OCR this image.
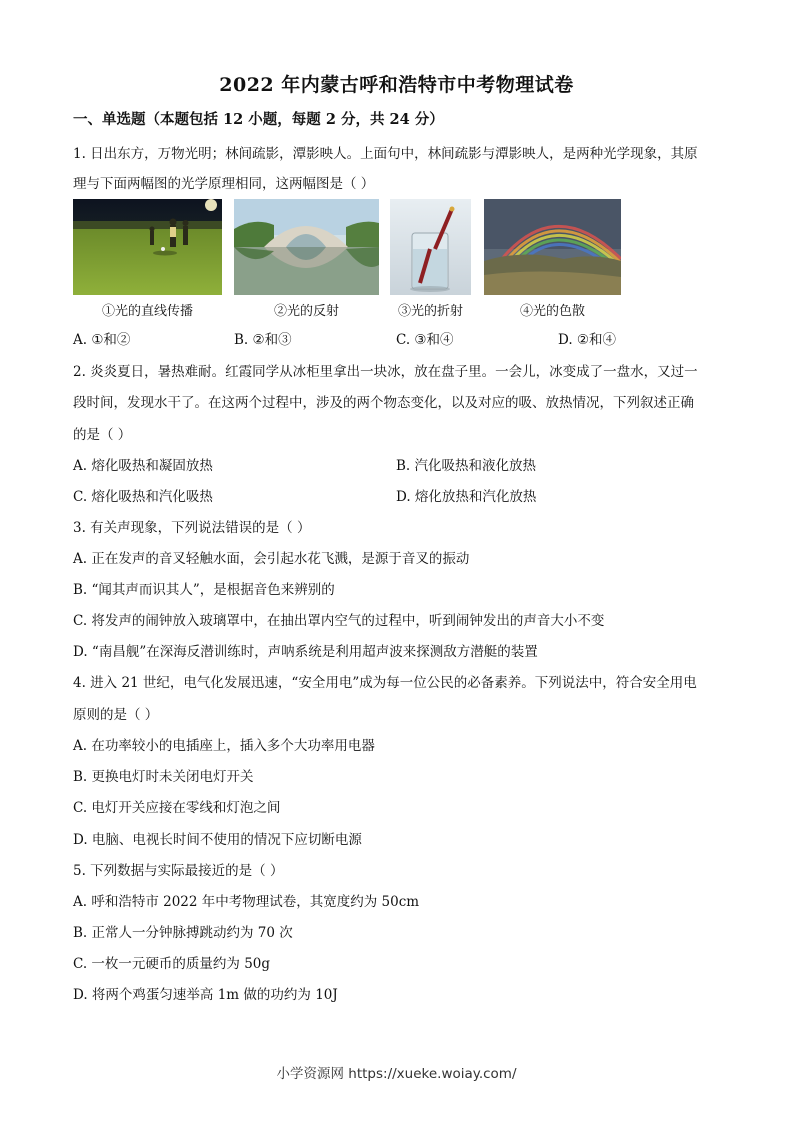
2022 年内蒙古呼和浩特市中考物理试卷
一、单选题（本题包括 12 小题，每题 2 分，共 24 分）
1. 日出东方，万物光明；林间疏影，潭影映人。上面句中，林间疏影与潭影映人，是两种光学现象，其原
理与下面两幅图的光学原理相同，这两幅图是（ ）
①光的直线传播	②光的反射	③光的折射	④光的色散
A. ①和②	B. ②和③	C. ③和④	D. ②和④
2. 炎炎夏日，暑热难耐。红霞同学从冰柜里拿出一块冰，放在盘子里。一会儿，冰变成了一盘水，又过一
段时间，发现水干了。在这两个过程中，涉及的两个物态变化，以及对应的吸、放热情况，下列叙述正确
的是（ ）
A. 熔化吸热和凝固放热	B. 汽化吸热和液化放热
C. 熔化吸热和汽化吸热	D. 熔化放热和汽化放热
3. 有关声现象，下列说法错误的是（ ）
A. 正在发声的音叉轻触水面，会引起水花飞溅，是源于音叉的振动
B. “闻其声而识其人”，是根据音色来辨别的
C. 将发声的闹钟放入玻璃罩中，在抽出罩内空气的过程中，听到闹钟发出的声音大小不变
D. “南昌舰”在深海反潜训练时，声呐系统是利用超声波来探测敌方潜艇的装置
4. 进入 21 世纪，电气化发展迅速，“安全用电”成为每一位公民的必备素养。下列说法中，符合安全用电
原则的是（ ）
A. 在功率较小的电插座上，插入多个大功率用电器
B. 更换电灯时未关闭电灯开关
C. 电灯开关应接在零线和灯泡之间
D. 电脑、电视长时间不使用的情况下应切断电源
5. 下列数据与实际最接近的是（ ）
A. 呼和浩特市 2022 年中考物理试卷，其宽度约为 50cm
B. 正常人一分钟脉搏跳动约为 70 次
C. 一枚一元硬币的质量约为 50g
D. 将两个鸡蛋匀速举高 1m 做的功约为 10J
小学资源网 https://xueke.woiay.com/
